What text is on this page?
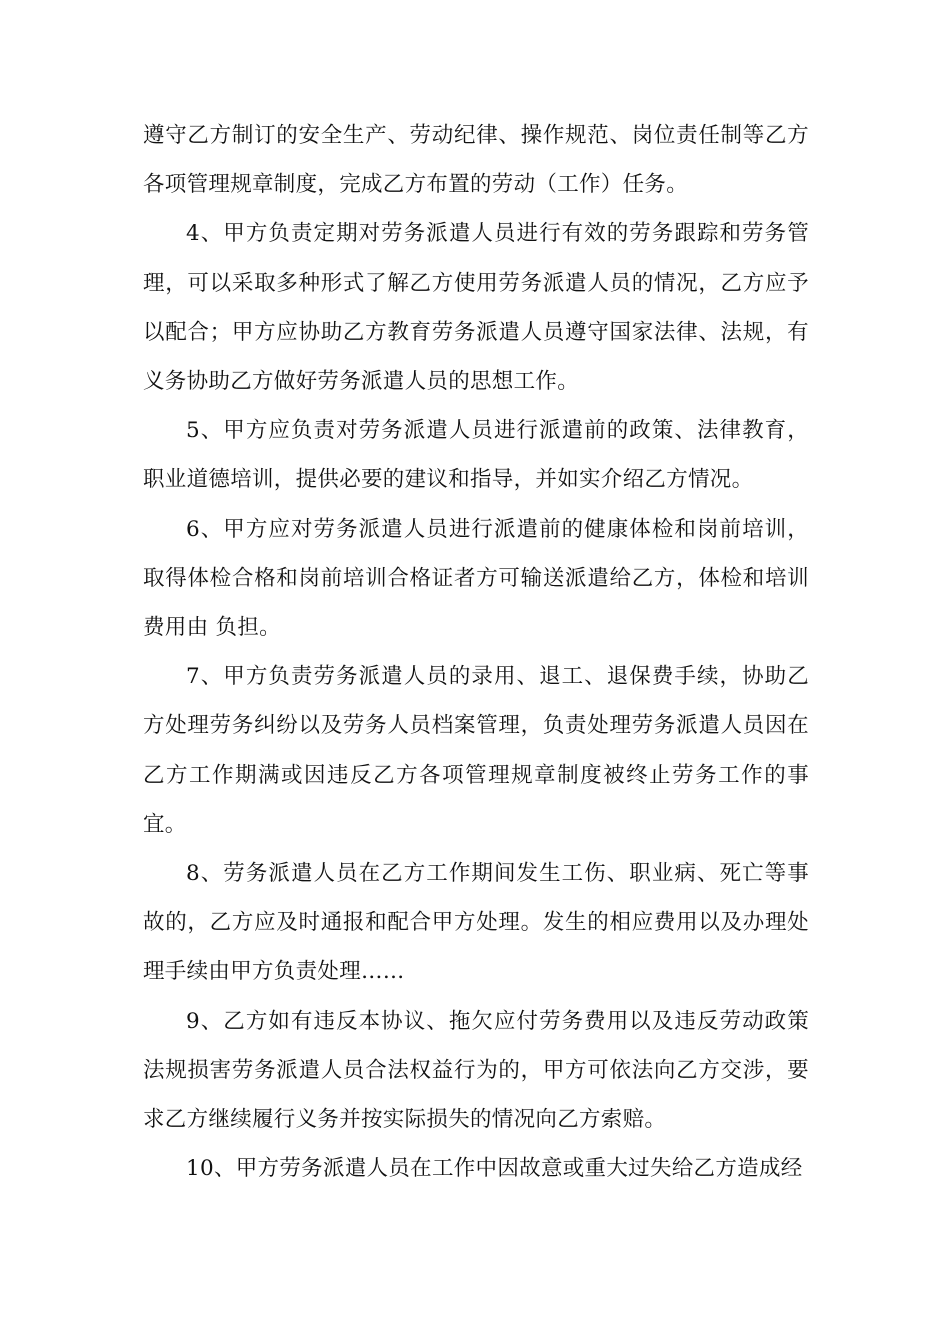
遵守乙方制订的安全生产、劳动纪律、操作规范、岗位责任制等乙方各项管理规章制度，完成乙方布置的劳动（工作）任务。

4、甲方负责定期对劳务派遣人员进行有效的劳务跟踪和劳务管理，可以采取多种形式了解乙方使用劳务派遣人员的情况，乙方应予以配合；甲方应协助乙方教育劳务派遣人员遵守国家法律、法规，有义务协助乙方做好劳务派遣人员的思想工作。

5、甲方应负责对劳务派遣人员进行派遣前的政策、法律教育，职业道德培训，提供必要的建议和指导，并如实介绍乙方情况。

6、甲方应对劳务派遣人员进行派遣前的健康体检和岗前培训，取得体检合格和岗前培训合格证者方可输送派遣给乙方，体检和培训费用由 负担。

7、甲方负责劳务派遣人员的录用、退工、退保费手续，协助乙方处理劳务纠纷以及劳务人员档案管理，负责处理劳务派遣人员因在乙方工作期满或因违反乙方各项管理规章制度被终止劳务工作的事宜。

8、劳务派遣人员在乙方工作期间发生工伤、职业病、死亡等事故的，乙方应及时通报和配合甲方处理。发生的相应费用以及办理处理手续由甲方负责处理……

9、乙方如有违反本协议、拖欠应付劳务费用以及违反劳动政策法规损害劳务派遣人员合法权益行为的，甲方可依法向乙方交涉，要求乙方继续履行义务并按实际损失的情况向乙方索赔。

10、甲方劳务派遣人员在工作中因故意或重大过失给乙方造成经
